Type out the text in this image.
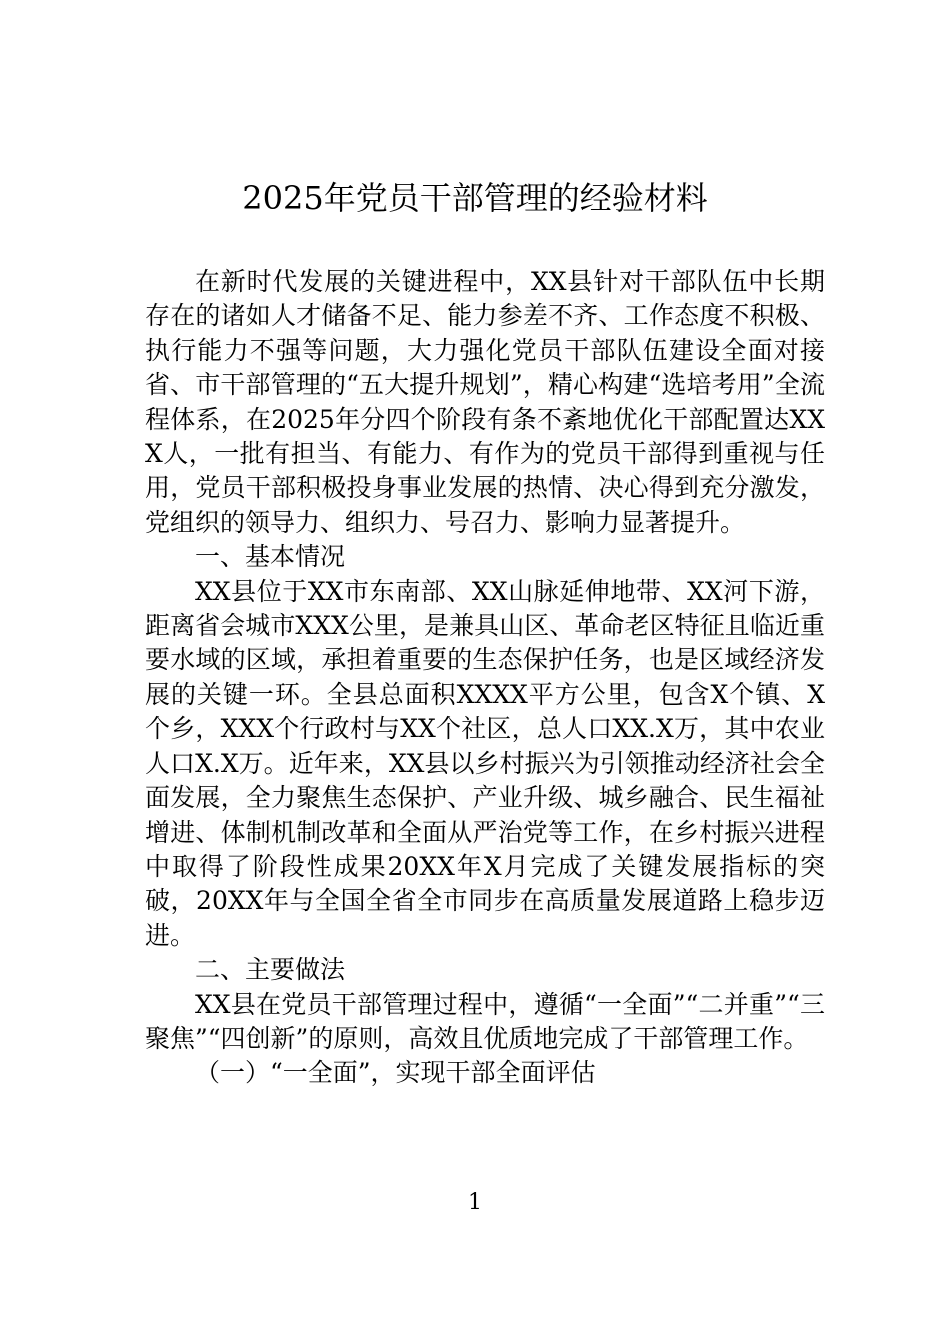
2025年党员干部管理的经验材料

在新时代发展的关键进程中，XX县针对干部队伍中长期存在的诸如人才储备不足、能力参差不齐、工作态度不积极、执行能力不强等问题，大力强化党员干部队伍建设全面对接省、市干部管理的“五大提升规划”，精心构建“选培考用”全流程体系，在2025年分四个阶段有条不紊地优化干部配置达XXX人，一批有担当、有能力、有作为的党员干部得到重视与任用，党员干部积极投身事业发展的热情、决心得到充分激发，党组织的领导力、组织力、号召力、影响力显著提升。

一、基本情况

XX县位于XX市东南部、XX山脉延伸地带、XX河下游，距离省会城市XXX公里，是兼具山区、革命老区特征且临近重要水域的区域，承担着重要的生态保护任务，也是区域经济发展的关键一环。全县总面积XXXX平方公里，包含X个镇、X个乡，XXX个行政村与XX个社区，总人口XX.X万，其中农业人口X.X万。近年来，XX县以乡村振兴为引领推动经济社会全面发展，全力聚焦生态保护、产业升级、城乡融合、民生福祉增进、体制机制改革和全面从严治党等工作，在乡村振兴进程中取得了阶段性成果20XX年X月完成了关键发展指标的突破，20XX年与全国全省全市同步在高质量发展道路上稳步迈进。

二、主要做法

XX县在党员干部管理过程中，遵循“一全面”“二并重”“三聚焦”“四创新”的原则，高效且优质地完成了干部管理工作。

（一）“一全面”，实现干部全面评估

1
